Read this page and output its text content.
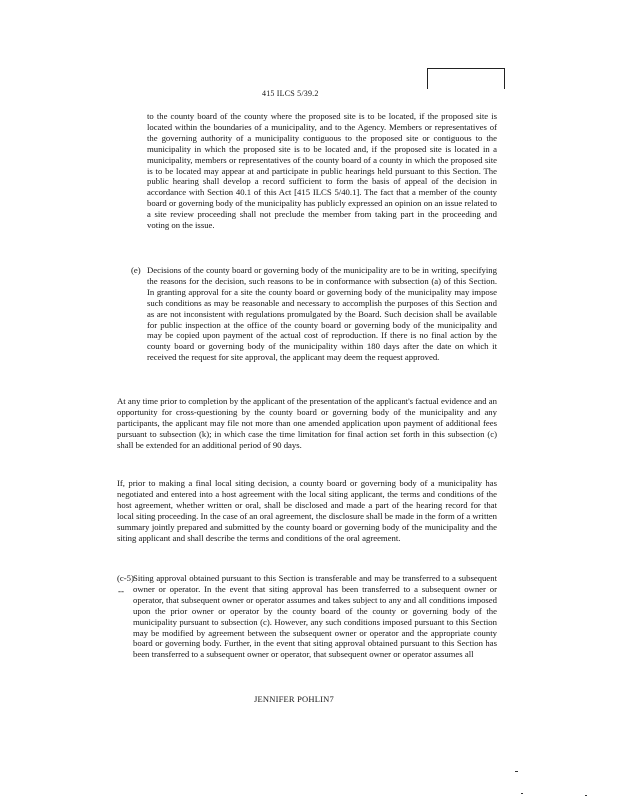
415 ILCS 5/39.2

to the county board of the county where the proposed site is to be located, if the proposed site is located within the boundaries of a municipality, and to the Agency. Members or representatives of the governing authority of a municipality contiguous to the proposed site or contiguous to the municipality in which the proposed site is to be located and, if the proposed site is located in a municipality, members or representatives of the county board of a county in which the proposed site is to be located may appear at and participate in public hearings held pursuant to this Section. The public hearing shall develop a record sufficient to form the basis of appeal of the decision in accordance with Section 40.1 of this Act [415 ILCS 5/40.1]. The fact that a member of the county board or governing body of the municipality has publicly expressed an opinion on an issue related to a site review proceeding shall not preclude the member from taking part in the proceeding and voting on the issue.

(e) Decisions of the county board or governing body of the municipality are to be in writing, specifying the reasons for the decision, such reasons to be in conformance with subsection (a) of this Section. In granting approval for a site the county board or governing body of the municipality may impose such conditions as may be reasonable and necessary to accomplish the purposes of this Section and as are not inconsistent with regulations promulgated by the Board. Such decision shall be available for public inspection at the office of the county board or governing body of the municipality and may be copied upon payment of the actual cost of reproduction. If there is no final action by the county board or governing body of the municipality within 180 days after the date on which it received the request for site approval, the applicant may deem the request approved.

At any time prior to completion by the applicant of the presentation of the applicant's factual evidence and an opportunity for cross-questioning by the county board or governing body of the municipality and any participants, the applicant may file not more than one amended application upon payment of additional fees pursuant to subsection (k); in which case the time limitation for final action set forth in this subsection (c) shall be extended for an additional period of 90 days.

If, prior to making a final local siting decision, a county board or governing body of a municipality has negotiated and entered into a host agreement with the local siting applicant, the terms and conditions of the host agreement, whether written or oral, shall be disclosed and made a part of the hearing record for that local siting proceeding. In the case of an oral agreement, the disclosure shall be made in the form of a written summary jointly prepared and submitted by the county board or governing body of the municipality and the siting applicant and shall describe the terms and conditions of the oral agreement.

(c-5) Siting approval obtained pursuant to this Section is transferable and may be transferred to a subsequent owner or operator. In the event that siting approval has been transferred to a subsequent owner or operator, that subsequent owner or operator assumes and takes subject to any and all conditions imposed upon the prior owner or operator by the county board of the county or governing body of the municipality pursuant to subsection (c). However, any such conditions imposed pursuant to this Section may be modified by agreement between the subsequent owner or operator and the appropriate county board or governing body. Further, in the event that siting approval obtained pursuant to this Section has been transferred to a subsequent owner or operator, that subsequent owner or operator assumes all

--
JENNIFER POHLIN7
